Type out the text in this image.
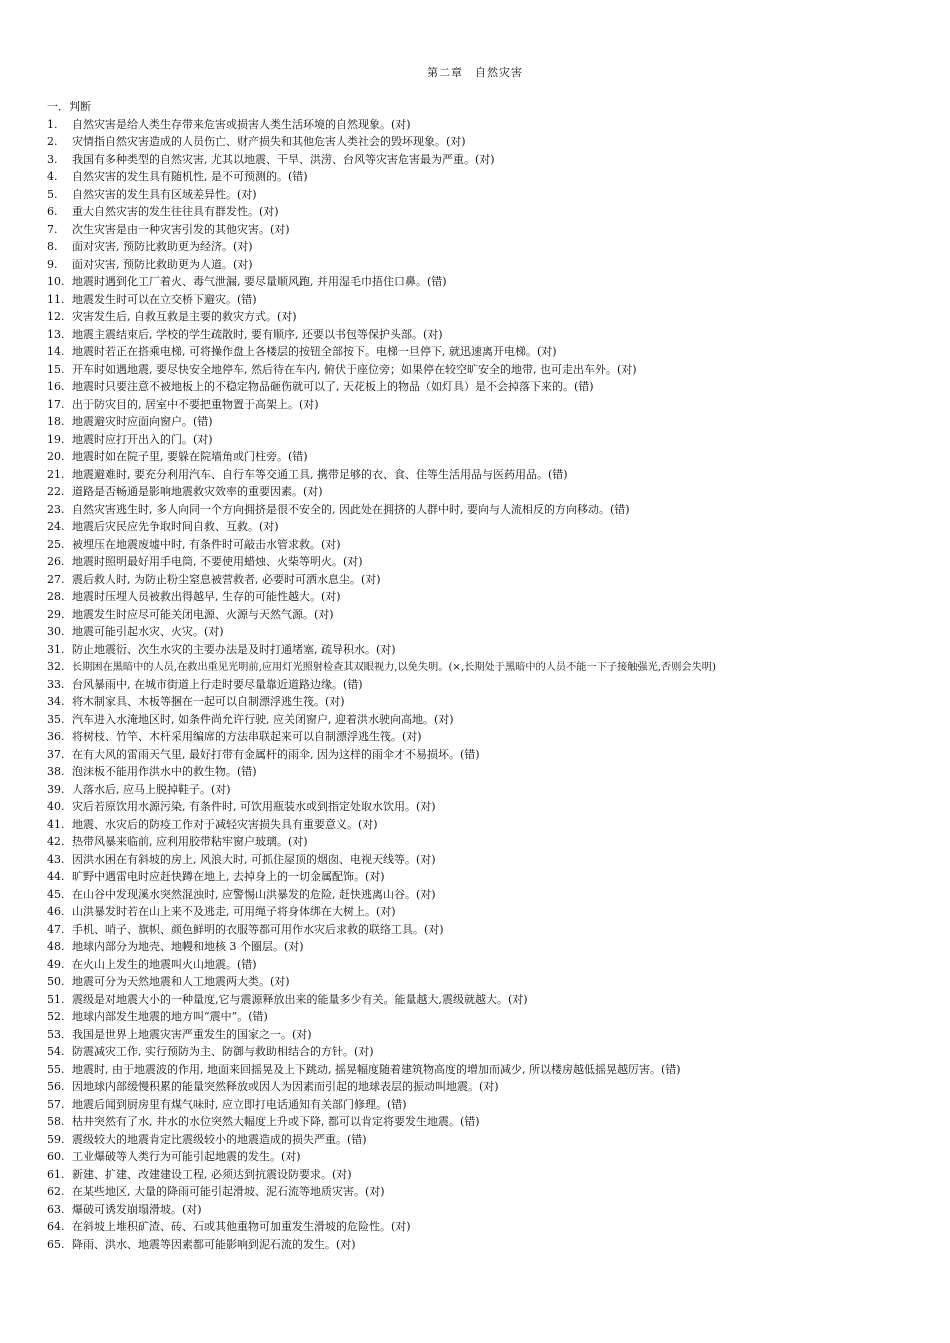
第二章　自然灾害
一．判断
1. 自然灾害是给人类生存带来危害或损害人类生活环境的自然现象。(对)
2. 灾情指自然灾害造成的人员伤亡、财产损失和其他危害人类社会的毁坏现象。(对)
3. 我国有多种类型的自然灾害, 尤其以地震、干旱、洪涝、台风等灾害危害最为严重。(对)
4. 自然灾害的发生具有随机性, 是不可预测的。(错)
5. 自然灾害的发生具有区域差异性。(对)
6. 重大自然灾害的发生往往具有群发性。(对)
7. 次生灾害是由一种灾害引发的其他灾害。(对)
8. 面对灾害, 预防比救助更为经济。(对)
9. 面对灾害, 预防比救助更为人道。(对)
10. 地震时遇到化工厂着火、毒气泄漏, 要尽量顺风跑, 并用湿毛巾捂住口鼻。(错)
11. 地震发生时可以在立交桥下避灾。(错)
12. 灾害发生后, 自救互救是主要的救灾方式。(对)
13. 地震主震结束后, 学校的学生疏散时, 要有顺序, 还要以书包等保护头部。(对)
14. 地震时若正在搭乘电梯, 可将操作盘上各楼层的按钮全部按下。电梯一旦停下, 就迅速离开电梯。(对)
15. 开车时如遇地震, 要尽快安全地停车, 然后待在车内, 俯伏于座位旁；如果停在较空旷安全的地带, 也可走出车外。(对)
16. 地震时只要注意不被地板上的不稳定物品砸伤就可以了, 天花板上的物品（如灯具）是不会掉落下来的。(错)
17. 出于防灾目的, 居室中不要把重物置于高架上。(对)
18. 地震避灾时应面向窗户。(错)
19. 地震时应打开出入的门。(对)
20. 地震时如在院子里, 要躲在院墙角或门柱旁。(错)
21. 地震避难时, 要充分利用汽车、自行车等交通工具, 携带足够的衣、食、住等生活用品与医药用品。(错)
22. 道路是否畅通是影响地震救灾效率的重要因素。(对)
23. 自然灾害逃生时, 多人向同一个方向拥挤是很不安全的, 因此处在拥挤的人群中时, 要向与人流相反的方向移动。(错)
24. 地震后灾民应先争取时间自救、互救。(对)
25. 被埋压在地震废墟中时, 有条件时可敲击水管求救。(对)
26. 地震时照明最好用手电筒, 不要使用蜡烛、火柴等明火。(对)
27. 震后救人时, 为防止粉尘窒息被营救者, 必要时可洒水息尘。(对)
28. 地震时压埋人员被救出得越早, 生存的可能性越大。(对)
29. 地震发生时应尽可能关闭电源、火源与天然气源。(对)
30. 地震可能引起水灾、火灾。(对)
31. 防止地震衍、次生水灾的主要办法是及时打通堵塞, 疏导积水。(对)
32. 长期困在黑暗中的人员,在救出重见光明前,应用灯光照射检查其双眼视力,以免失明。(×,长期处于黑暗中的人员不能一下子接触强光,否则会失明)
33. 台风暴雨中, 在城市街道上行走时要尽量靠近道路边缘。(错)
34. 将木制家具、木板等捆在一起可以自制漂浮逃生筏。(对)
35. 汽车进入水淹地区时, 如条件尚允许行驶, 应关闭窗户, 迎着洪水驶向高地。(对)
36. 将树枝、竹竿、木杆采用编席的方法串联起来可以自制漂浮逃生筏。(对)
37. 在有大风的雷雨天气里, 最好打带有金属杆的雨伞, 因为这样的雨伞才不易损坏。(错)
38. 泡沫板不能用作洪水中的救生物。(错)
39. 人落水后, 应马上脱掉鞋子。(对)
40. 灾后若原饮用水源污染, 有条件时, 可饮用瓶装水或到指定处取水饮用。(对)
41. 地震、水灾后的防疫工作对于减轻灾害损失具有重要意义。(对)
42. 热带风暴来临前, 应利用胶带粘牢窗户玻璃。(对)
43. 因洪水困在有斜坡的房上, 风浪大时, 可抓住屋顶的烟囱、电视天线等。(对)
44. 旷野中遇雷电时应赶快蹲在地上, 去掉身上的一切金属配饰。(对)
45. 在山谷中发现溪水突然混浊时, 应警惕山洪暴发的危险, 赶快逃离山谷。(对)
46. 山洪暴发时若在山上来不及逃走, 可用绳子将身体绑在大树上。(对)
47. 手机、哨子、旗帜、颜色鲜明的衣服等都可用作水灾后求救的联络工具。(对)
48. 地球内部分为地壳、地幔和地核 3 个圈层。(对)
49. 在火山上发生的地震叫火山地震。(错)
50. 地震可分为天然地震和人工地震两大类。(对)
51. 震级是对地震大小的一种量度,它与震源释放出来的能量多少有关。能量越大,震级就越大。(对)
52. 地球内部发生地震的地方叫“震中”。(错)
53. 我国是世界上地震灾害严重发生的国家之一。(对)
54. 防震减灾工作, 实行预防为主、防御与救助相结合的方针。(对)
55. 地震时, 由于地震波的作用, 地面来回摇晃及上下跳动, 摇晃幅度随着建筑物高度的增加而减少, 所以楼房越低摇晃越厉害。(错)
56. 因地球内部缓慢积累的能量突然释放或因人为因素而引起的地球表层的振动叫地震。(对)
57. 地震后闻到厨房里有煤气味时, 应立即打电话通知有关部门修理。(错)
58. 枯井突然有了水, 井水的水位突然大幅度上升或下降, 都可以肯定将要发生地震。(错)
59. 震级较大的地震肯定比震级较小的地震造成的损失严重。(错)
60. 工业爆破等人类行为可能引起地震的发生。(对)
61. 新建、扩建、改建建设工程, 必须达到抗震设防要求。(对)
62. 在某些地区, 大量的降雨可能引起滑坡、泥石流等地质灾害。(对)
63. 爆破可诱发崩塌滑坡。(对)
64. 在斜坡上堆积矿渣、砖、石或其他重物可加重发生滑坡的危险性。(对)
65. 降雨、洪水、地震等因素都可能影响到泥石流的发生。(对)
